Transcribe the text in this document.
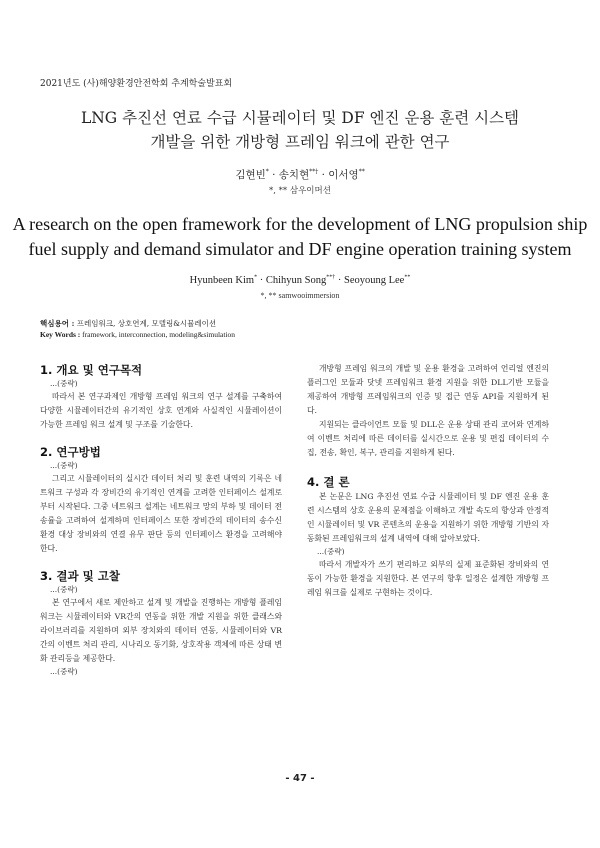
2021년도 (사)해양환경안전학회 추계학술발표회
LNG 추진선 연료 수급 시뮬레이터 및 DF 엔진 운용 훈련 시스템
개발을 위한 개방형 프레임 워크에 관한 연구
김현빈* · 송치현**† · 이서영**
*, ** 삼우이머션
A research on the open framework for the development of LNG propulsion ship
fuel supply and demand simulator and DF engine operation training system
Hyunbeen Kim* · Chihyun Song**† · Seoyoung Lee**
*, ** samwooimmersion
핵심용어 : 프레임워크, 상호연계, 모델링&시뮬레이션
Key Words : framework, interconnection, modeling&simulation
1. 개요 및 연구목적
...(중략)

따라서 본 연구과제인 개방형 프레임 워크의 연구 설계를 구축하여 다양한 시뮬레이터간의 유기적인 상호 연계와 사실적인 시뮬레이션이 가능한 프레임 워크 설계 및 구조를 기술한다.

2. 연구방법
...(중략)

그리고 시뮬레이터의 실시간 데이터 처리 및 훈련 내역의 기록은 네트워크 구성과 각 장비간의 유기적인 연계를 고려한 인터페이스 설계로 부터 시작된다. 그중 네트워크 설계는 네트워크 망의 부하 및 데이터 전송률을 고려하여 설계하며 인터페이스 또한 장비간의 데이터의 송수신 환경 대상 장비와의 연결 유무 판단 등의 인터페이스 환경을 고려해야 한다.

3. 결과 및 고찰
...(중략)

본 연구에서 새로 제안하고 설계 및 개발을 진행하는 개방형 플레임 워크는 시뮬레이터와 VR간의 연동을 위한 개발 지원을 위한 클래스와 라이브러리를 지원하며 외부 장치와의 데이터 연동, 시뮬레이터와 VR간의 이벤트 처리 관리, 시나리오 동기화, 상호작용 객체에 따른 상태 변화 관리등을 제공한다.

...(중략)

개방형 프레임 워크의 개발 및 운용 환경을 고려하여 언리얼 엔진의 플러그인 모듈과 닷넷 프레임워크 환경 지원을 위한 DLL기반 모듈을 제공하여 개방형 프레임워크의 인증 및 접근 연동 API를 지원하게 된다.

지원되는 클라이언트 모듈 및 DLL은 운용 상태 관리 코어와 연계하여 이벤트 처리에 따른 데이터를 실시간으로 운용 및 편집 데이터의 수집, 전송, 확인, 복구, 관리를 지원하게 된다.

4. 결 론

본 논문은 LNG 추진선 연료 수급 시뮬레이터 및 DF 엔진 운용 훈련 시스템의 상호 운용의 문제점을 이해하고 개발 속도의 향상과 안정적인 시뮬레이터 및 VR 콘텐츠의 운용을 지원하기 위한 개방형 기반의 자동화된 프레임워크의 설계 내역에 대해 알아보았다.

...(중략)

따라서 개발자가 쓰기 편리하고 외부의 실제 표준화된 장비와의 연동이 가능한 환경을 지원한다. 본 연구의 향후 일정은 설계한 개방형 프레임 워크를 실제로 구현하는 것이다.

- 47 -
